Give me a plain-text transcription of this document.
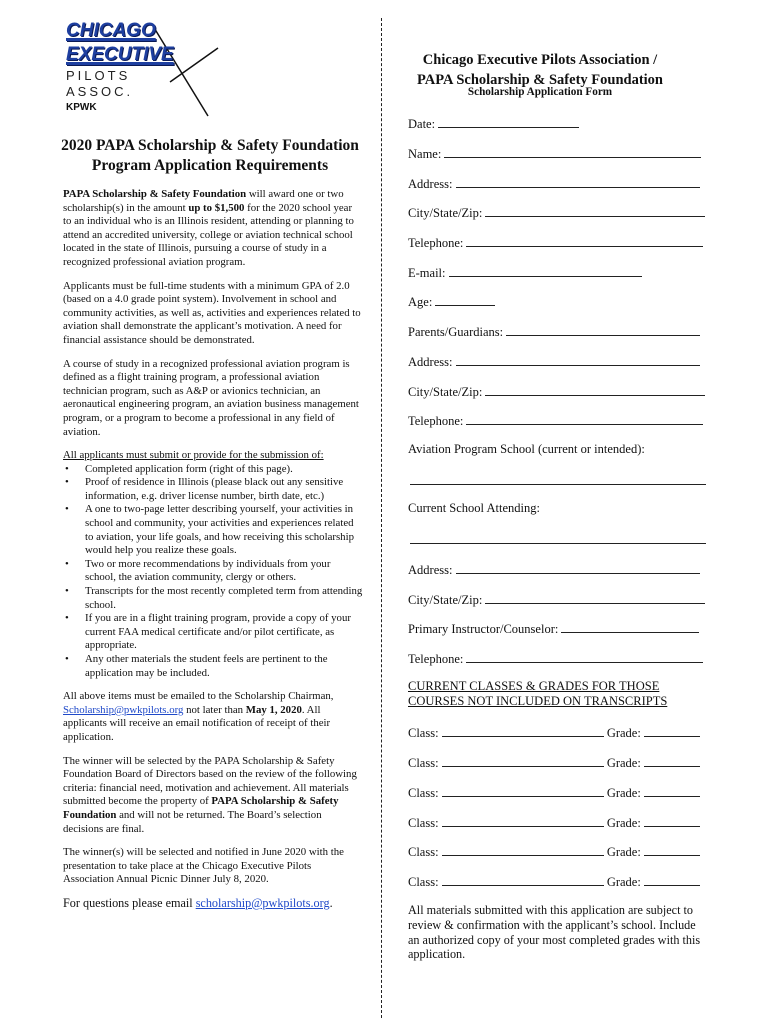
CHICAGO
EXECUTIVE
PILOTS
ASSOC.
KPWK
2020 PAPA Scholarship & Safety Foundation
Program Application Requirements

PAPA Scholarship & Safety Foundation will award one or two scholarship(s) in the amount up to $1,500 for the 2020 school year to an individual who is an Illinois resident, attending or planning to attend an accredited university, college or aviation technical school located in the state of Illinois, pursuing a course of study in a recognized professional aviation program.

Applicants must be full-time students with a minimum GPA of 2.0 (based on a 4.0 grade point system). Involvement in school and community activities, as well as, activities and experiences related to aviation shall demonstrate the applicant’s motivation. A need for financial assistance should be demonstrated.

A course of study in a recognized professional aviation program is defined as a flight training program, a professional aviation technician program, such as A&P or avionics technician, an aeronautical engineering program, an aviation business management program, or a program to become a professional in any field of aviation.

All applicants must submit or provide for the submission of:
• Completed application form (right of this page).
• Proof of residence in Illinois (please black out any sensitive information, e.g. driver license number, birth date, etc.)
• A one to two-page letter describing yourself, your activities in school and community, your activities and experiences related to aviation, your life goals, and how receiving this scholarship would help you realize these goals.
• Two or more recommendations by individuals from your school, the aviation community, clergy or others.
• Transcripts for the most recently completed term from attending school.
• If you are in a flight training program, provide a copy of your current FAA medical certificate and/or pilot certificate, as appropriate.
• Any other materials the student feels are pertinent to the application may be included.

All above items must be emailed to the Scholarship Chairman, Scholarship@pwkpilots.org not later than May 1, 2020. All applicants will receive an email notification of receipt of their application.

The winner will be selected by the PAPA Scholarship & Safety Foundation Board of Directors based on the review of the following criteria: financial need, motivation and achievement. All materials submitted become the property of PAPA Scholarship & Safety Foundation and will not be returned. The Board’s selection decisions are final.

The winner(s) will be selected and notified in June 2020 with the presentation to take place at the Chicago Executive Pilots Association Annual Picnic Dinner July 8, 2020.

For questions please email scholarship@pwkpilots.org.

Chicago Executive Pilots Association /
PAPA Scholarship & Safety Foundation
Scholarship Application Form
Date:
Name:
Address:
City/State/Zip:
Telephone:
E-mail:
Age:
Parents/Guardians:
Address:
City/State/Zip:
Telephone:
Aviation Program School (current or intended):
Current School Attending:
Address:
City/State/Zip:
Primary Instructor/Counselor:
Telephone:
CURRENT CLASSES & GRADES FOR THOSE COURSES NOT INCLUDED ON TRANSCRIPTS
Class:	Grade:
Class:	Grade:
Class:	Grade:
Class:	Grade:
Class:	Grade:
Class:	Grade:
All materials submitted with this application are subject to review & confirmation with the applicant’s school. Include an authorized copy of your most completed grades with this application.
